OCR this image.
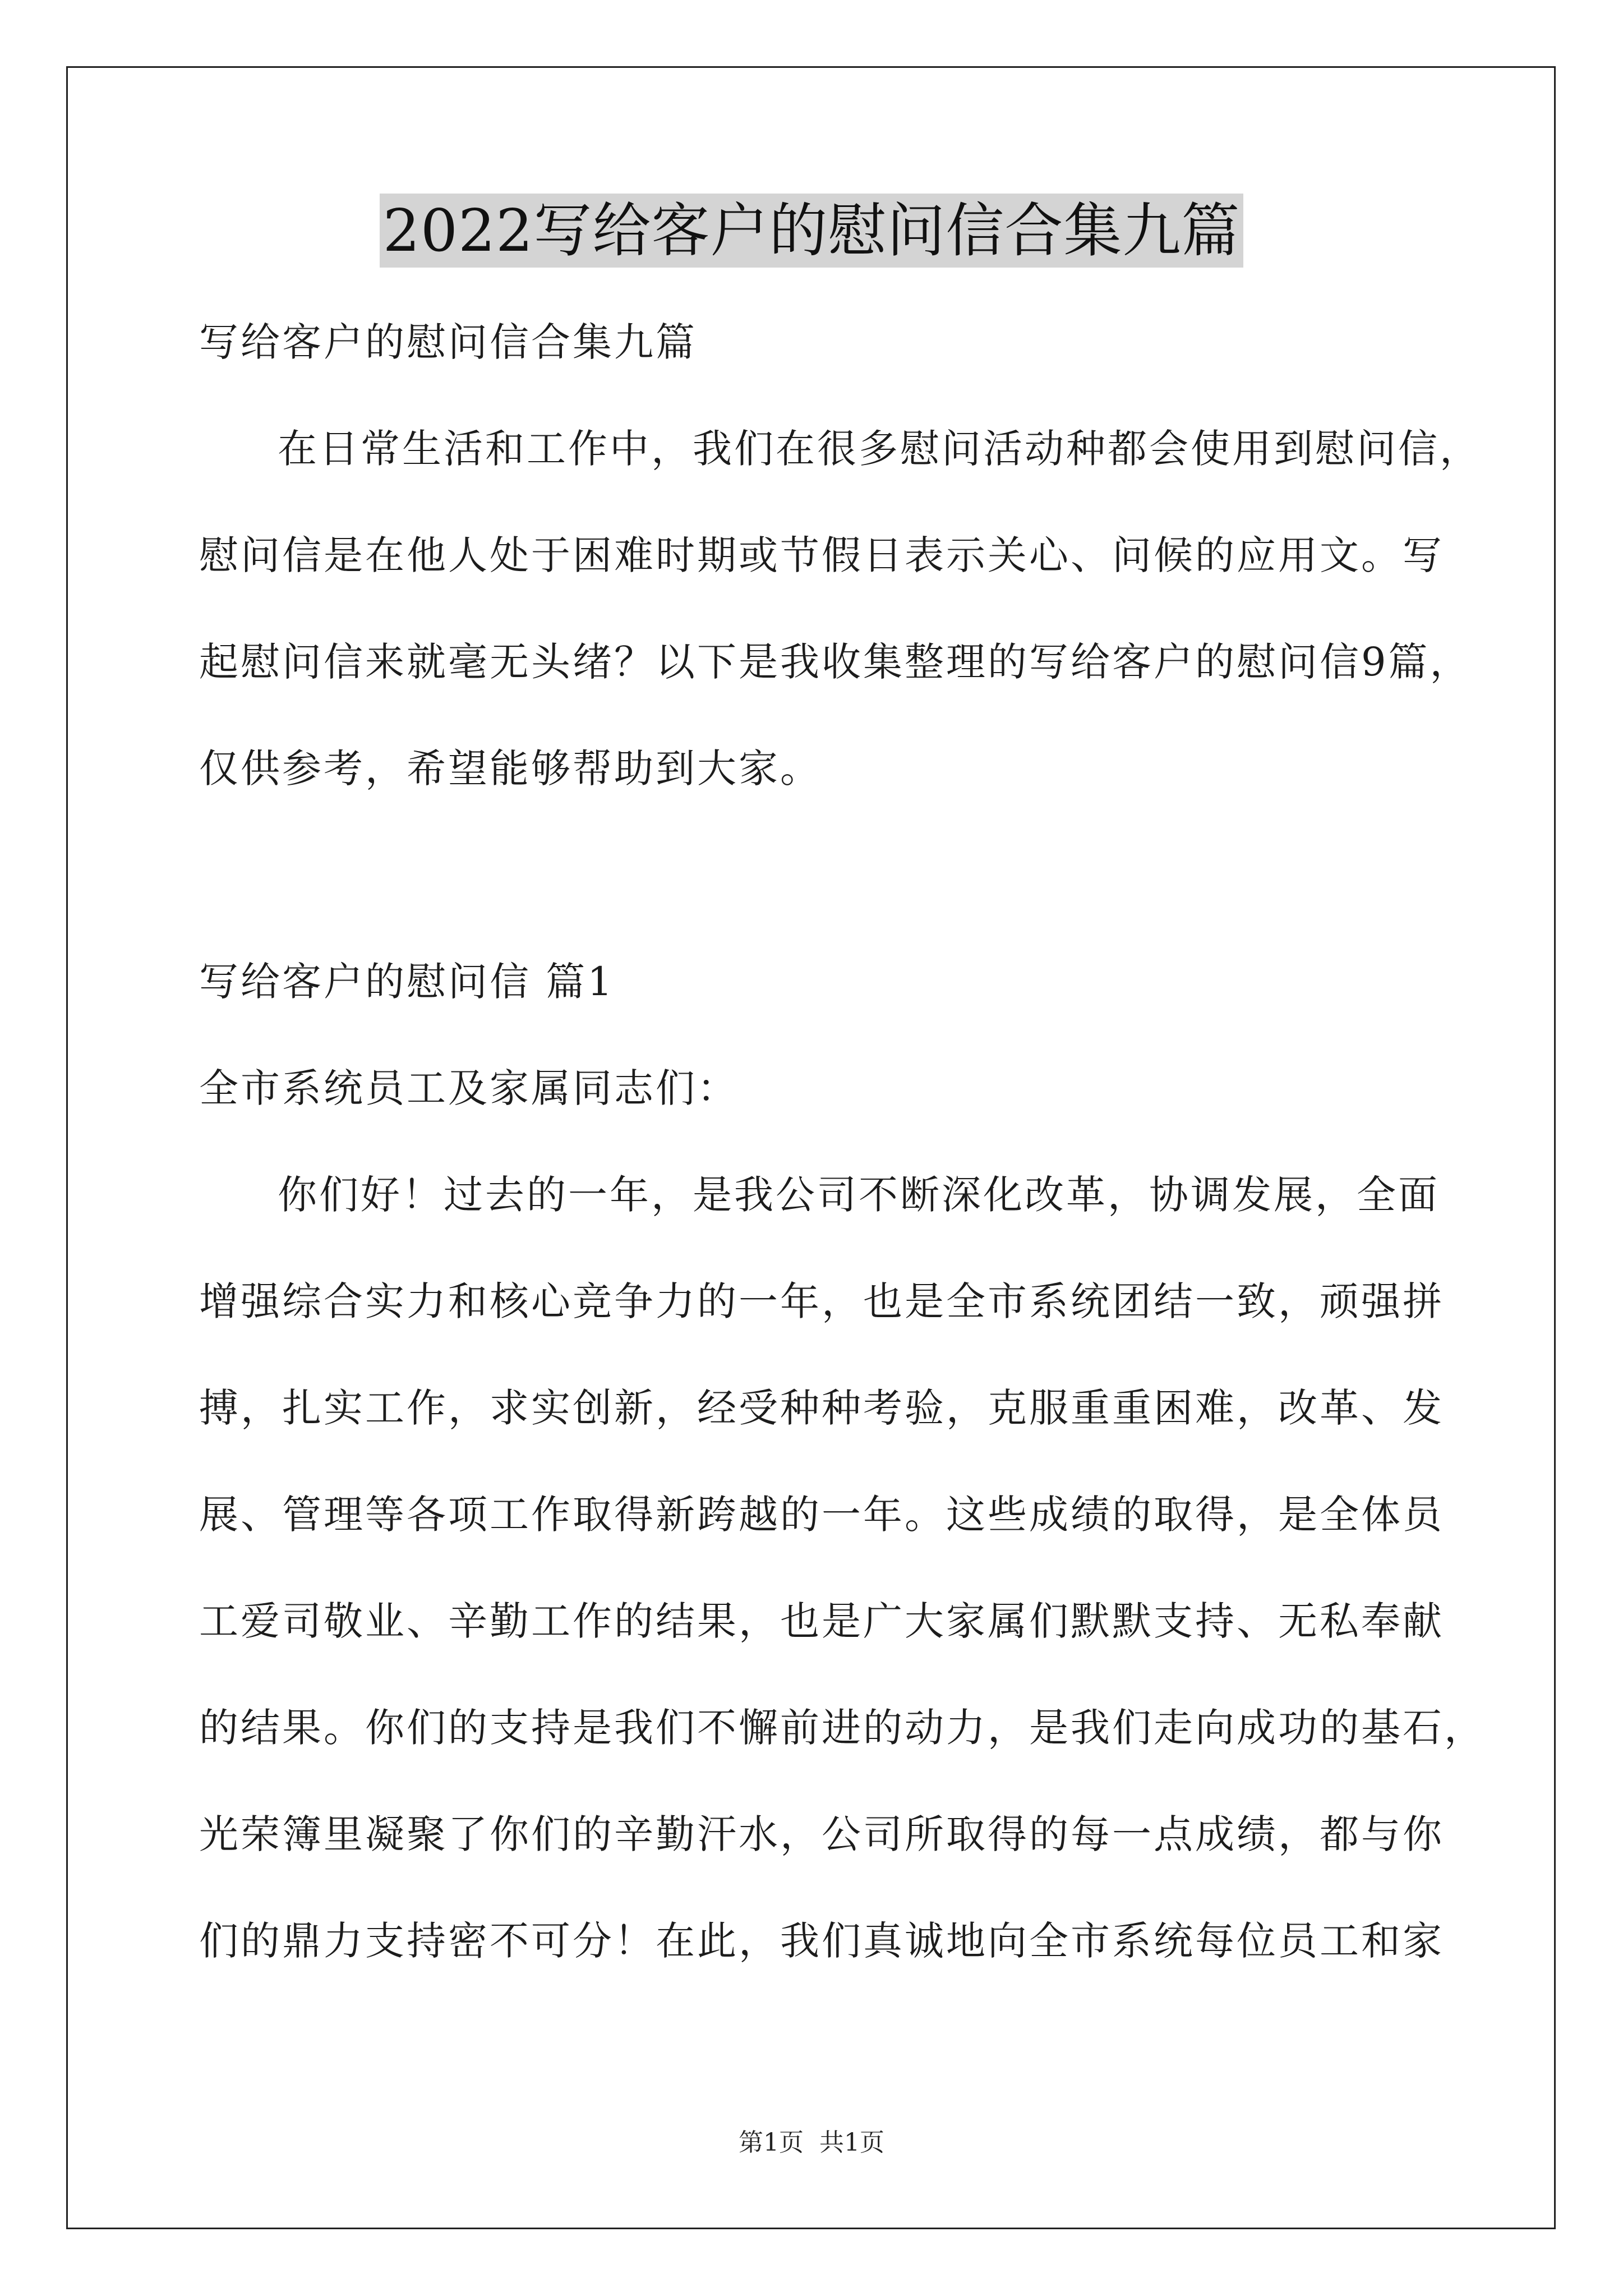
2022写给客户的慰问信合集九篇
写给客户的慰问信合集九篇
在日常生活和工作中，我们在很多慰问活动种都会使用到慰问信，
慰问信是在他人处于困难时期或节假日表示关心、问候的应用文。写
起慰问信来就毫无头绪？以下是我收集整理的写给客户的慰问信9篇，
仅供参考，希望能够帮助到大家。
写给客户的慰问信 篇1
全市系统员工及家属同志们：
你们好！过去的一年，是我公司不断深化改革，协调发展，全面
增强综合实力和核心竞争力的一年，也是全市系统团结一致，顽强拼
搏，扎实工作，求实创新，经受种种考验，克服重重困难，改革、发
展、管理等各项工作取得新跨越的一年。这些成绩的取得，是全体员
工爱司敬业、辛勤工作的结果，也是广大家属们默默支持、无私奉献
的结果。你们的支持是我们不懈前进的动力，是我们走向成功的基石，
光荣簿里凝聚了你们的辛勤汗水，公司所取得的每一点成绩，都与你
们的鼎力支持密不可分！在此，我们真诚地向全市系统每位员工和家
第1页 共1页
